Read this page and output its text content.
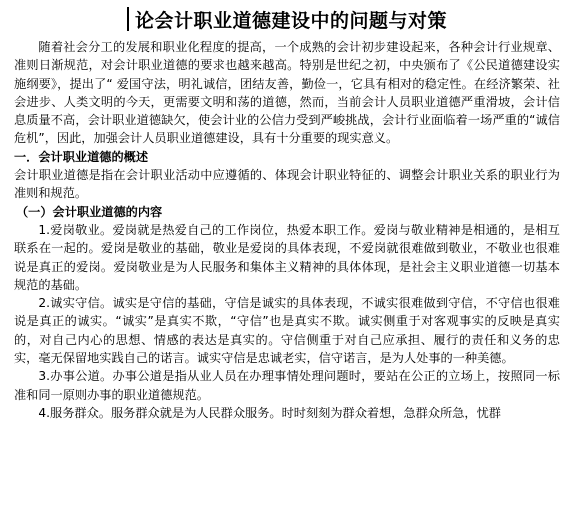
论会计职业道德建设中的问题与对策

随着社会分工的发展和职业化程度的提高，一个成熟的会计初步建设起来，各种会计行业规章、准则日渐规范，对会计职业道德的要求也越来越高。特别是世纪之初，中央颁布了《公民道德建设实施纲要》，提出了“ 爱国守法，明礼诚信，团结友善，勤俭一，它具有相对的稳定性。在经济繁荣、社会进步、人类文明的今天，更需要文明和荡的道德，然而，当前会计人员职业道德严重滑坡，会计信息质量不高，会计职业道德缺欠，使会计业的公信力受到严峻挑战，会计行业面临着一场严重的“诚信危机”，因此，加强会计人员职业道德建设，具有十分重要的现实意义。

一．会计职业道德的概述

会计职业道德是指在会计职业活动中应遵循的、体现会计职业特征的、调整会计职业关系的职业行为准则和规范。

（一）会计职业道德的内容

1.爱岗敬业。爱岗就是热爱自己的工作岗位，热爱本职工作。爱岗与敬业精神是相通的，是相互联系在一起的。爱岗是敬业的基础，敬业是爱岗的具体表现，不爱岗就很难做到敬业，不敬业也很难说是真正的爱岗。爱岗敬业是为人民服务和集体主义精神的具体体现，是社会主义职业道德一切基本规范的基础。

2.诚实守信。诚实是守信的基础，守信是诚实的具体表现，不诚实很难做到守信，不守信也很难说是真正的诚实。“诚实”是真实不欺，“守信”也是真实不欺。诚实侧重于对客观事实的反映是真实的，对自己内心的思想、情感的表达是真实的。守信侧重于对自己应承担、履行的责任和义务的忠实，毫无保留地实践自己的诺言。诚实守信是忠诚老实，信守诺言，是为人处事的一种美德。

3.办事公道。办事公道是指从业人员在办理事情处理问题时，要站在公正的立场上，按照同一标准和同一原则办事的职业道德规范。

4.服务群众。服务群众就是为人民群众服务。时时刻刻为群众着想，急群众所急，忧群
